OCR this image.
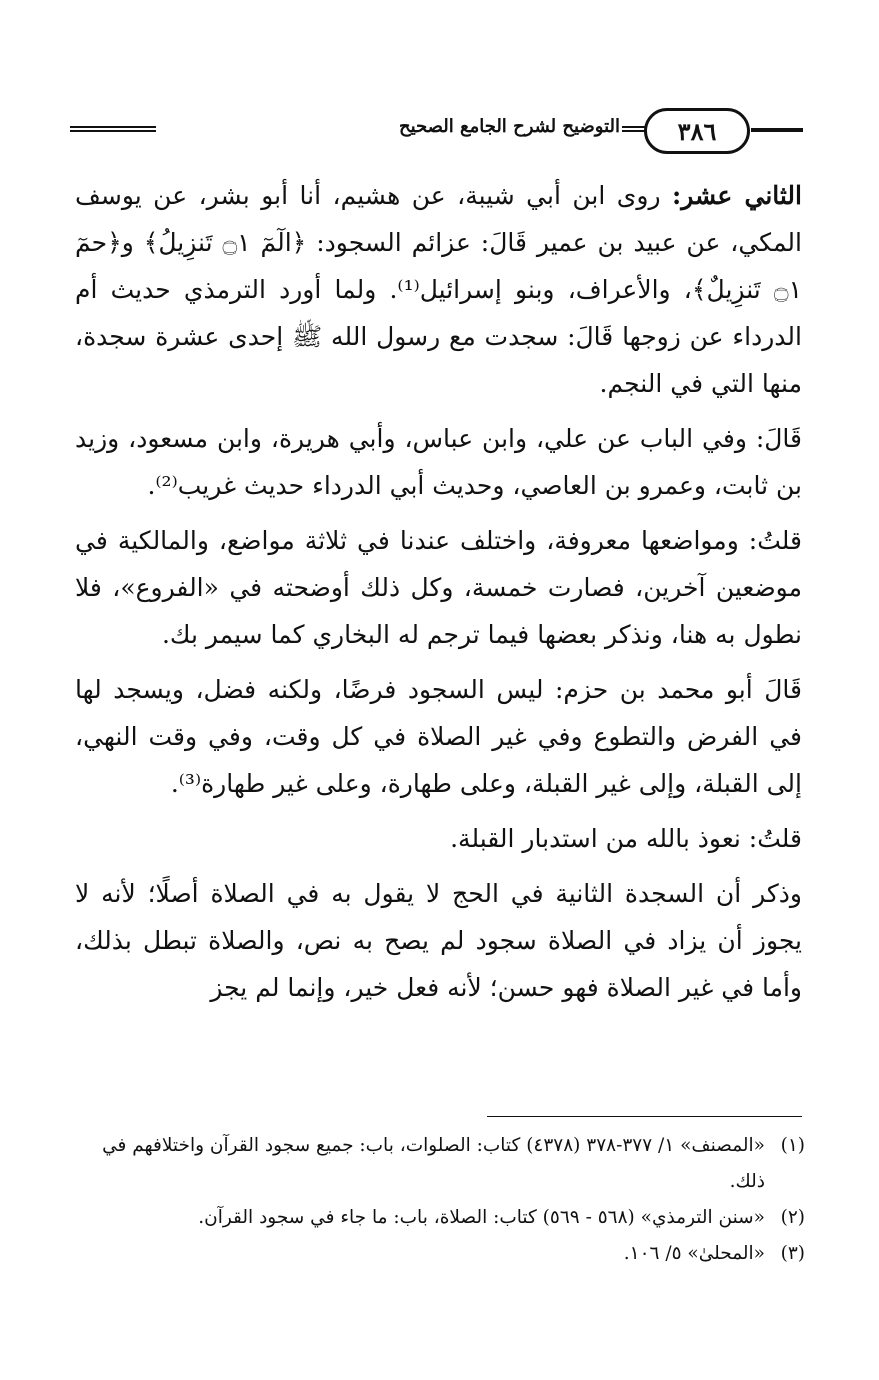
التوضيح لشرح الجامع الصحيح	٣٨٦

الثاني عشر: روى ابن أبي شيبة، عن هشيم، أنا أبو بشر، عن يوسف المكي، عن عبيد بن عمير قَالَ: عزائم السجود: ﴿الٓمٓ ۝١ تَنزِيلُ﴾ و﴿حمٓ ۝١ تَنزِيلٌ﴾، والأعراف، وبنو إسرائيل⁽¹⁾. ولما أورد الترمذي حديث أم الدرداء عن زوجها قَالَ: سجدت مع رسول الله ﷺ إحدى عشرة سجدة، منها التي في النجم.

قَالَ: وفي الباب عن علي، وابن عباس، وأبي هريرة، وابن مسعود، وزيد بن ثابت، وعمرو بن العاصي، وحديث أبي الدرداء حديث غريب⁽²⁾.

قلتُ: ومواضعها معروفة، واختلف عندنا في ثلاثة مواضع، والمالكية في موضعين آخرين، فصارت خمسة، وكل ذلك أوضحته في «الفروع»، فلا نطول به هنا، ونذكر بعضها فيما ترجم له البخاري كما سيمر بك.

قَالَ أبو محمد بن حزم: ليس السجود فرضًا، ولكنه فضل، ويسجد لها في الفرض والتطوع وفي غير الصلاة في كل وقت، وفي وقت النهي، إلى القبلة، وإلى غير القبلة، وعلى طهارة، وعلى غير طهارة⁽³⁾.

قلتُ: نعوذ بالله من استدبار القبلة.

وذكر أن السجدة الثانية في الحج لا يقول به في الصلاة أصلًا؛ لأنه لا يجوز أن يزاد في الصلاة سجود لم يصح به نص، والصلاة تبطل بذلك، وأما في غير الصلاة فهو حسن؛ لأنه فعل خير، وإنما لم يجز

(١)
«المصنف» ١/ ٣٧٧-٣٧٨ (٤٣٧٨) كتاب: الصلوات، باب: جميع سجود القرآن واختلافهم في ذلك.
(٢)
«سنن الترمذي» (٥٦٨ - ٥٦٩) كتاب: الصلاة، باب: ما جاء في سجود القرآن.
(٣)
«المحلىٰ» ٥/ ١٠٦.
